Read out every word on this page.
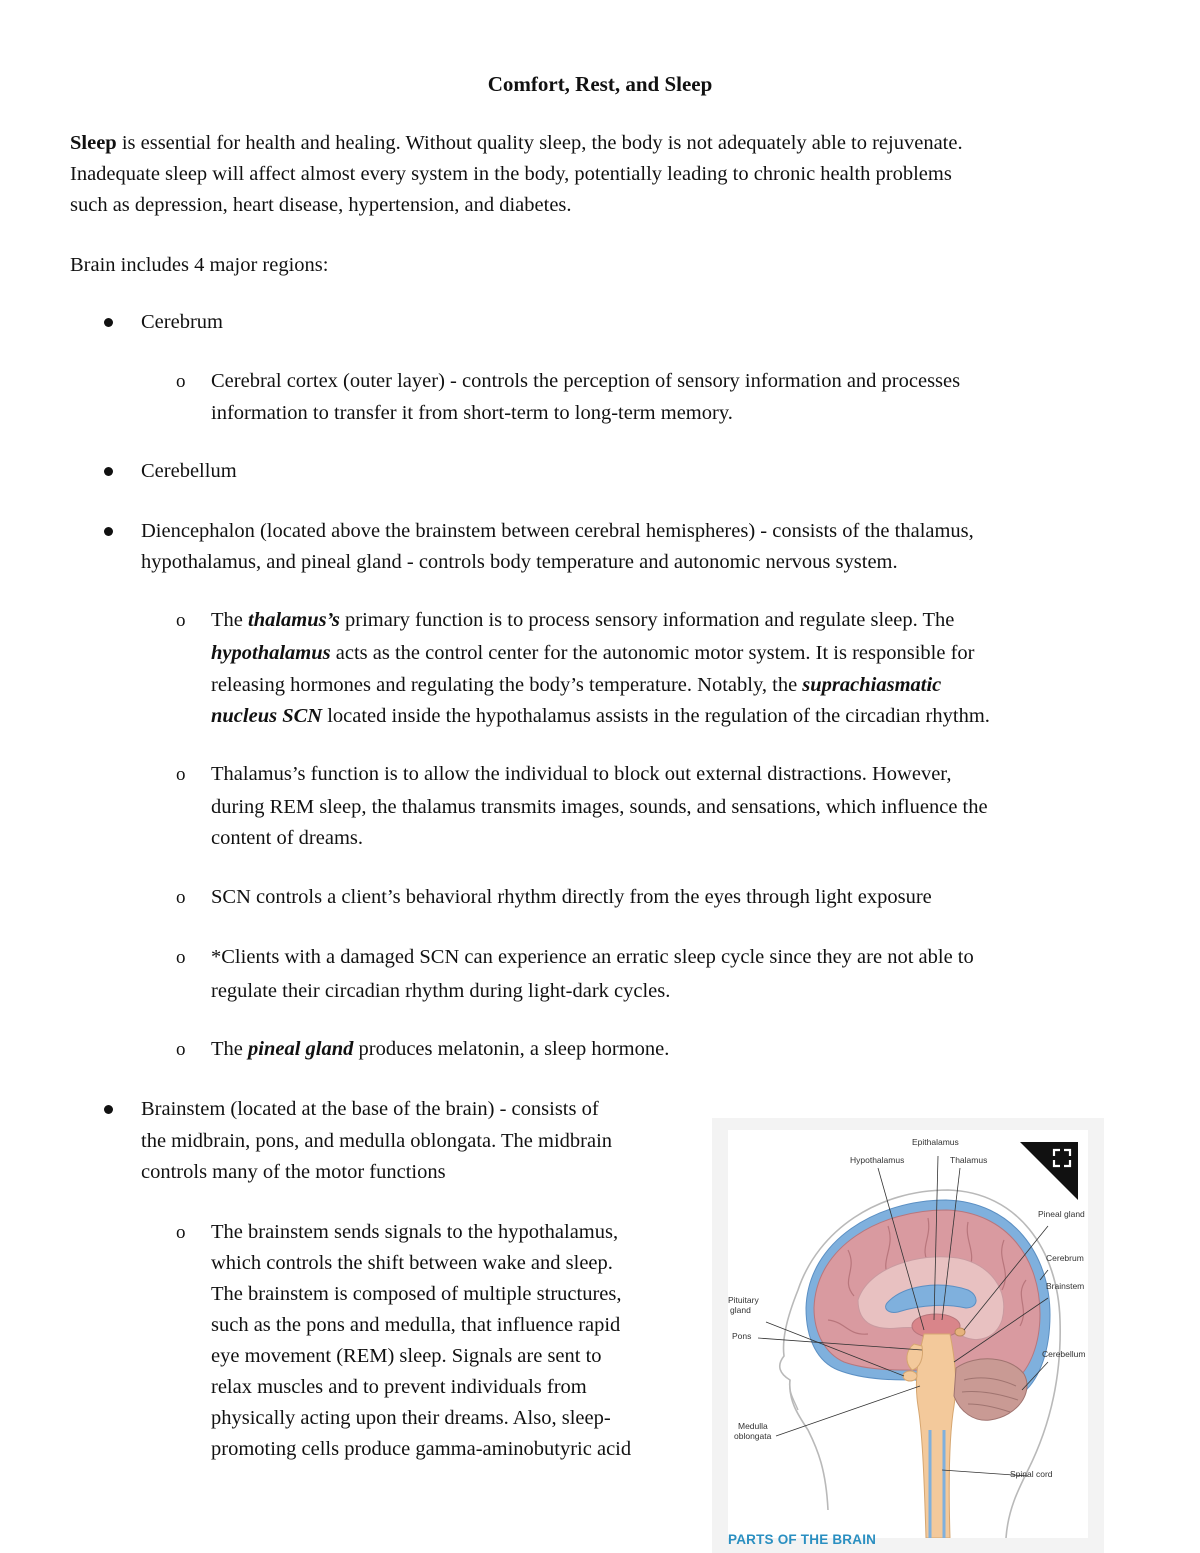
Comfort, Rest, and Sleep
Sleep is essential for health and healing. Without quality sleep, the body is not adequately able to rejuvenate.
Inadequate sleep will affect almost every system in the body, potentially leading to chronic health problems
such as depression, heart disease, hypertension, and diabetes.
Brain includes 4 major regions:
Cerebrum
o Cerebral cortex (outer layer) - controls the perception of sensory information and processes
information to transfer it from short-term to long-term memory.
Cerebellum
Diencephalon (located above the brainstem between cerebral hemispheres) - consists of the thalamus,
hypothalamus, and pineal gland - controls body temperature and autonomic nervous system.
o The thalamus’s primary function is to process sensory information and regulate sleep. The
hypothalamus acts as the control center for the autonomic motor system. It is responsible for
releasing hormones and regulating the body’s temperature. Notably, the suprachiasmatic
nucleus SCN located inside the hypothalamus assists in the regulation of the circadian rhythm.
o Thalamus’s function is to allow the individual to block out external distractions. However,
during REM sleep, the thalamus transmits images, sounds, and sensations, which influence the
content of dreams.
o SCN controls a client’s behavioral rhythm directly from the eyes through light exposure
o *Clients with a damaged SCN can experience an erratic sleep cycle since they are not able to
regulate their circadian rhythm during light-dark cycles.
o The pineal gland produces melatonin, a sleep hormone.
Brainstem (located at the base of the brain) - consists of
the midbrain, pons, and medulla oblongata. The midbrain
controls many of the motor functions
o The brainstem sends signals to the hypothalamus,
which controls the shift between wake and sleep.
The brainstem is composed of multiple structures,
such as the pons and medulla, that influence rapid
eye movement (REM) sleep. Signals are sent to
relax muscles and to prevent individuals from
physically acting upon their dreams. Also, sleep-
promoting cells produce gamma-aminobutyric acid
Epithalamus
Hypothalamus	Thalamus
Pineal gland
Cerebrum
Brainstem
Pituitary
gland
Pons
Cerebellum
Medulla
oblongata
Spinal cord
PARTS OF THE BRAIN
